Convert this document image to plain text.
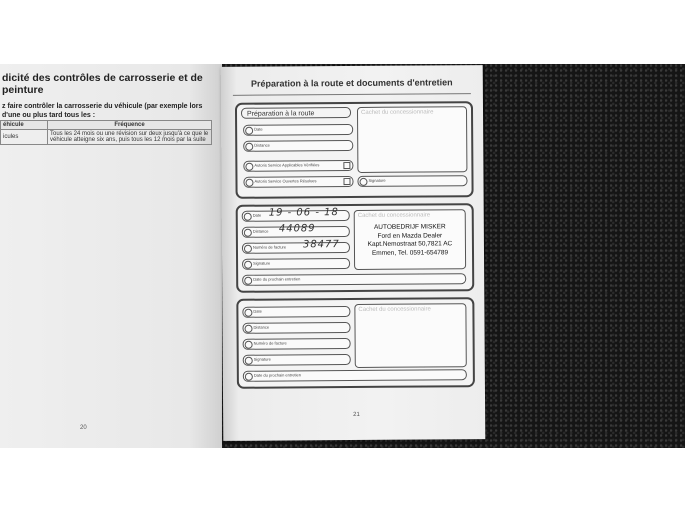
dicité des contrôles de carrosserie et de peinture
z faire contrôler la carrosserie du véhicule (par exemple lors d'une ou plus tard tous les :
éhicule	Fréquence
icules	Tous les 24 mois ou une révision sur deux jusqu'à ce que le véhicule atteigne six ans, puis tous les 12 mois par la suite
20
Préparation à la route et documents d'entretien
Préparation à la route
Date
Distance
Autoris Service Applicables Vérifiées
Autoris Service Ouvertes Résolues
Cachet du concessionnaire
Signature
Date 19 - 06 - 18
Distance 44089
Numéro de facture 38477
Signature
Cachet du concessionnaire
AUTOBEDRIJF MISKER
Ford en Mazda Dealer
Kapt.Nemostraat 50,7821 AC
Emmen, Tel. 0591-654789
Date du prochain entretien
Date
Distance
Numéro de facture
Signature
Cachet du concessionnaire
Date du prochain entretien
21
